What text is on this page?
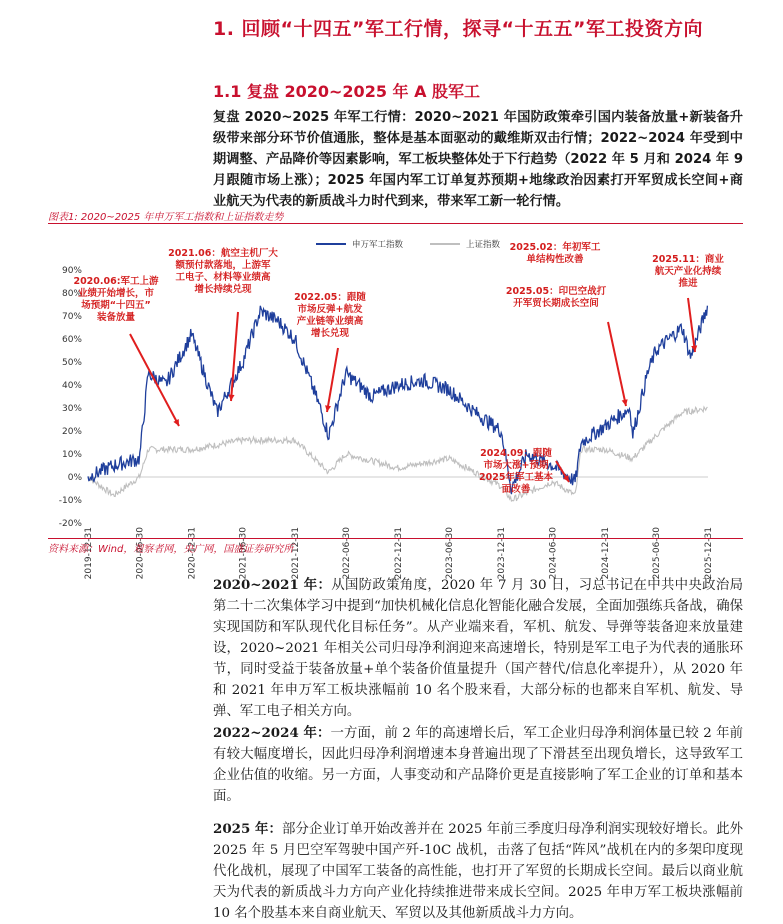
1. 回顾“十四五”军工行情，探寻“十五五”军工投资方向
1.1 复盘 2020~2025 年 A 股军工
复盘 2020~2025 年军工行情：2020~2021 年国防政策牵引国内装备放量+新装备升级带来部分环节价值通胀，整体是基本面驱动的戴维斯双击行情；2022~2024 年受到中期调整、产品降价等因素影响，军工板块整体处于下行趋势（2022 年 5 月和 2024 年 9 月跟随市场上涨）；2025 年国内军工订单复苏预期+地缘政治因素打开军贸成长空间+商业航天为代表的新质战斗力时代到来，带来军工新一轮行情。
图表1: 2020~2025 年申万军工指数和上证指数走势
90%
80%
70%
60%
50%
40%
30%
20%
10%
0%
-10%
-20%
2019-12-31	2020-06-30	2020-12-31	2021-06-30	2021-12-31	2022-06-30	2022-12-31	2023-06-30	2023-12-31	2024-06-30	2024-12-31	2025-06-30	2025-12-31
申万军工指数	上证指数
2020.06:军工上游
业绩开始增长，市
场预期“十四五”
装备放量
2021.06：航空主机厂大
额预付款落地，上游军
工电子、材料等业绩高
增长持续兑现
2022.05：跟随
市场反弹+航发
产业链等业绩高
增长兑现
2024.09：跟随
市场大涨+预期
2025年军工基本
面改善
2025.02：年初军工
单结构性改善
2025.05：印巴空战打
开军贸长期成长空间
2025.11：商业
航天产业化持续
推进
资料来源：Wind，观察者网，央广网，国盛证券研究所
2020~2021 年：从国防政策角度，2020 年 7 月 30 日，习总书记在中共中央政治局第二十二次集体学习中提到“加快机械化信息化智能化融合发展，全面加强练兵备战，确保实现国防和军队现代化目标任务”。从产业端来看，军机、航发、导弹等装备迎来放量建设，2020~2021 年相关公司归母净利润迎来高速增长，特别是军工电子为代表的通胀环节，同时受益于装备放量+单个装备价值量提升（国产替代/信息化率提升），从 2020 年和 2021 年申万军工板块涨幅前 10 名个股来看，大部分标的也都来自军机、航发、导弹、军工电子相关方向。
2022~2024 年：一方面，前 2 年的高速增长后，军工企业归母净利润体量已较 2 年前有较大幅度增长，因此归母净利润增速本身普遍出现了下滑甚至出现负增长，这导致军工企业估值的收缩。另一方面，人事变动和产品降价更是直接影响了军工企业的订单和基本面。
2025 年：部分企业订单开始改善并在 2025 年前三季度归母净利润实现较好增长。此外 2025 年 5 月巴空军驾驶中国产歼-10C 战机，击落了包括“阵风”战机在内的多架印度现代化战机，展现了中国军工装备的高性能，也打开了军贸的长期成长空间。最后以商业航天为代表的新质战斗力方向产业化持续推进带来成长空间。2025 年申万军工板块涨幅前 10 名个股基本来自商业航天、军贸以及其他新质战斗力方向。
